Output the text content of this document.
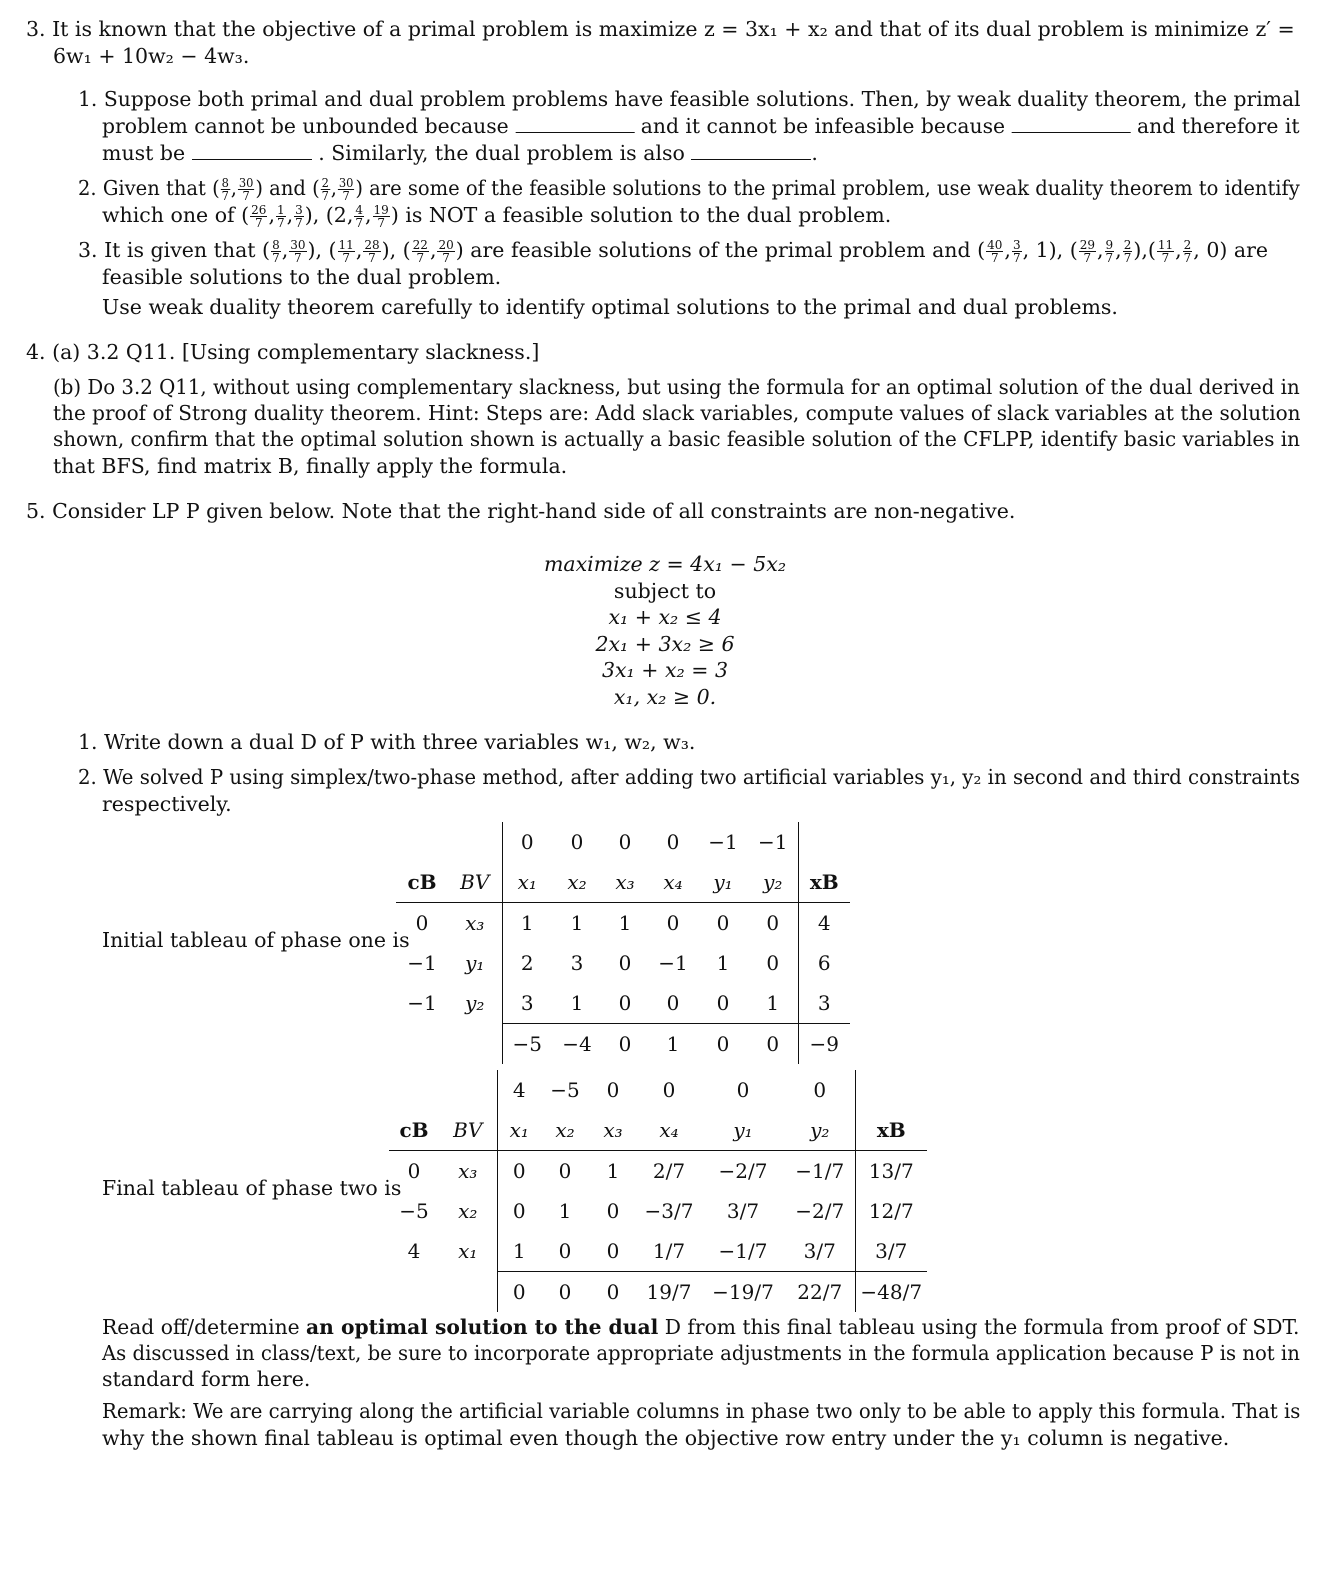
3. It is known that the objective of a primal problem is maximize z = 3x₁ + x₂ and that of its dual problem is minimize z′ =
6w₁ + 10w₂ − 4w₃.
1. Suppose both primal and dual problem problems have feasible solutions. Then, by weak duality theorem, the primal
problem cannot be unbounded because	and it cannot be infeasible because	and therefore it
must be	. Similarly, the dual problem is also	.
2. Given that ( $\frac{8}{7}$ , $\frac{30}{7}$ ) and ( $\frac{2}{7}$ , $\frac{30}{7}$ ) are some of the feasible solutions to the primal problem, use weak duality theorem to identify
which one of ( $\frac{26}{7}$ , $\frac{1}{7}$ , $\frac{3}{7}$ ), (2, $\frac{4}{7}$ , $\frac{19}{7}$ ) is NOT a feasible solution to the dual problem.
3. It is given that ( $\frac{8}{7}$ , $\frac{30}{7}$ ), ( $\frac{11}{7}$ , $\frac{28}{7}$ ), ( $\frac{22}{7}$ , $\frac{20}{7}$ ) are feasible solutions of the primal problem and ( $\frac{40}{7}$ , $\frac{3}{7}$ , 1), ( $\frac{29}{7}$ , $\frac{9}{7}$ , $\frac{2}{7}$ ),( $\frac{11}{7}$ , $\frac{2}{7}$ , 0) are
feasible solutions to the dual problem.
Use weak duality theorem carefully to identify optimal solutions to the primal and dual problems.
4. (a) 3.2 Q11. [Using complementary slackness.]
(b) Do 3.2 Q11, without using complementary slackness, but using the formula for an optimal solution of the dual derived in
the proof of Strong duality theorem. Hint: Steps are: Add slack variables, compute values of slack variables at the solution
shown, confirm that the optimal solution shown is actually a basic feasible solution of the CFLPP, identify basic variables in
that BFS, find matrix B, finally apply the formula.
5. Consider LP P given below. Note that the right-hand side of all constraints are non-negative.
maximize z = 4x₁ − 5x₂
subject to
x₁ + x₂ ≤ 4
2x₁ + 3x₂ ≥ 6
3x₁ + x₂ = 3
x₁, x₂ ≥ 0.
1. Write down a dual D of P with three variables w₁, w₂, w₃.
2. We solved P using simplex/two-phase method, after adding two artificial variables y₁, y₂ in second and third constraints
respectively.
Initial tableau of phase one is
		0	0	0	0	−1	−1	
cB	BV	x₁	x₂	x₃	x₄	y₁	y₂	xB
0	x₃	1	1	1	0	0	0	4
−1	y₁	2	3	0	−1	1	0	6
−1	y₂	3	1	0	0	0	1	3
		−5	−4	0	1	0	0	−9
Final tableau of phase two is
		4	−5	0	0	0	0	
cB	BV	x₁	x₂	x₃	x₄	y₁	y₂	xB
0	x₃	0	0	1	2/7	−2/7	−1/7	13/7
−5	x₂	0	1	0	−3/7	3/7	−2/7	12/7
4	x₁	1	0	0	1/7	−1/7	3/7	3/7
		0	0	0	19/7	−19/7	22/7	−48/7
Read off/determine an optimal solution to the dual D from this final tableau using the formula from proof of SDT.
As discussed in class/text, be sure to incorporate appropriate adjustments in the formula application because P is not in
standard form here.
Remark: We are carrying along the artificial variable columns in phase two only to be able to apply this formula. That is
why the shown final tableau is optimal even though the objective row entry under the y₁ column is negative.
